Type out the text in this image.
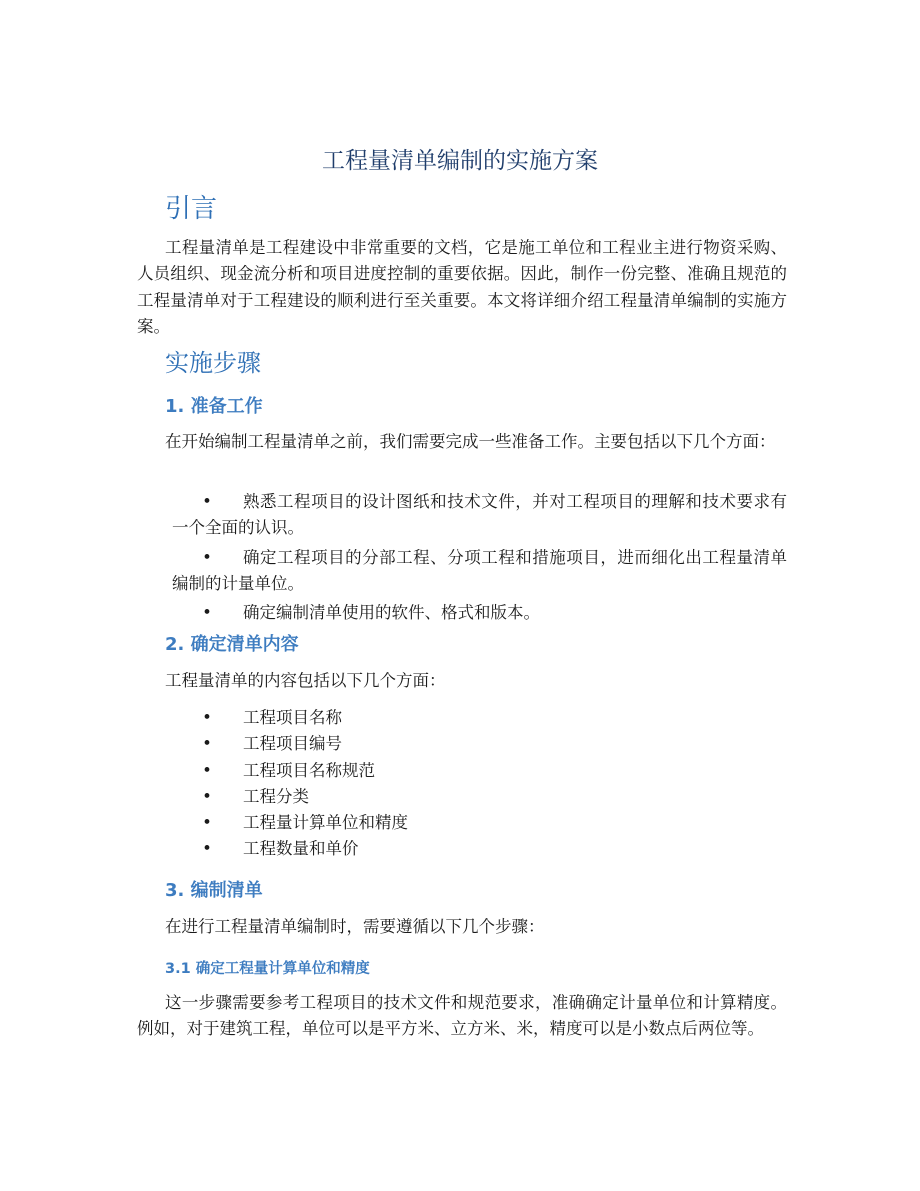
工程量清单编制的实施方案
引言

工程量清单是工程建设中非常重要的文档，它是施工单位和工程业主进行物资采购、人员组织、现金流分析和项目进度控制的重要依据。因此，制作一份完整、准确且规范的工程量清单对于工程建设的顺利进行至关重要。本文将详细介绍工程量清单编制的实施方案。

实施步骤
1. 准备工作

在开始编制工程量清单之前，我们需要完成一些准备工作。主要包括以下几个方面：

•	熟悉工程项目的设计图纸和技术文件，并对工程项目的理解和技术要求有一个全面的认识。
•	确定工程项目的分部工程、分项工程和措施项目，进而细化出工程量清单编制的计量单位。
•	确定编制清单使用的软件、格式和版本。
2. 确定清单内容

工程量清单的内容包括以下几个方面：

•	工程项目名称
•	工程项目编号
•	工程项目名称规范
•	工程分类
•	工程量计算单位和精度
•	工程数量和单价
3. 编制清单

在进行工程量清单编制时，需要遵循以下几个步骤：

3.1 确定工程量计算单位和精度

这一步骤需要参考工程项目的技术文件和规范要求，准确确定计量单位和计算精度。例如，对于建筑工程，单位可以是平方米、立方米、米，精度可以是小数点后两位等。
